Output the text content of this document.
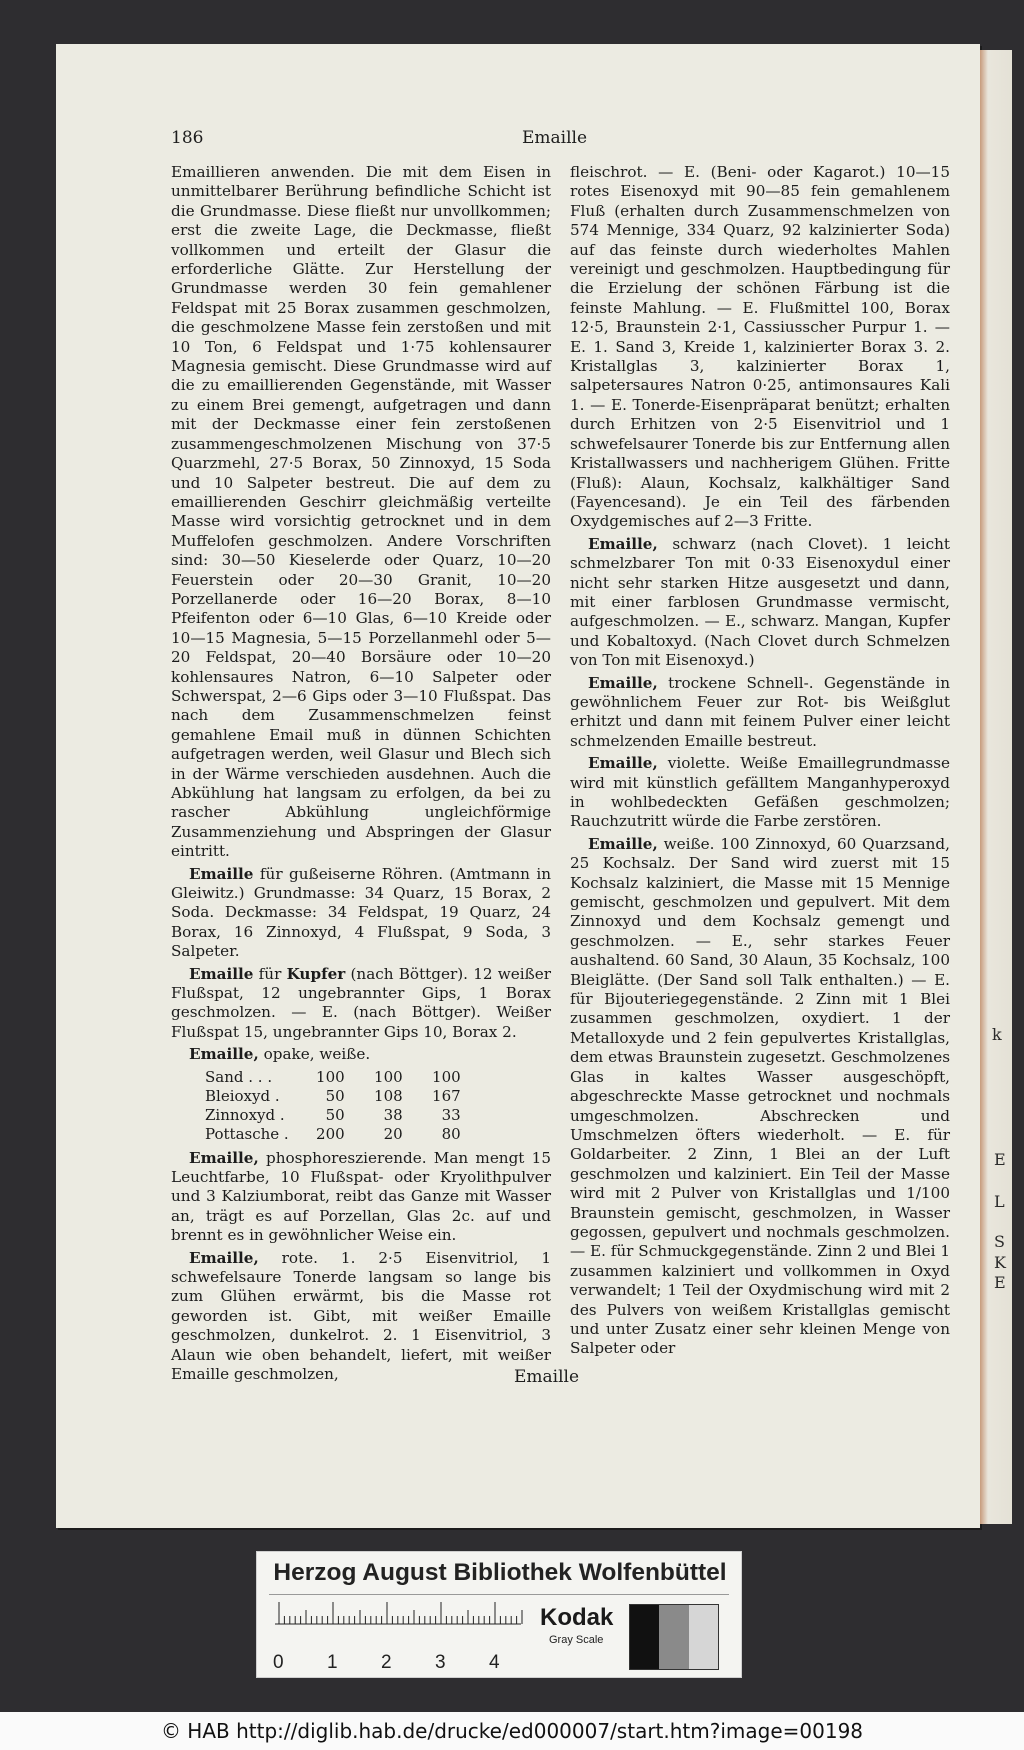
k
E
L
S
K
E
186	Emaille

Emaillieren anwenden. Die mit dem Eisen in unmittelbarer Berührung befindliche Schicht ist die Grundmasse. Diese fließt nur unvollkommen; erst die zweite Lage, die Deckmasse, fließt vollkommen und erteilt der Glasur die erforderliche Glätte. Zur Herstellung der Grundmasse werden 30 fein gemahlener Feldspat mit 25 Borax zusammen geschmolzen, die geschmolzene Masse fein zerstoßen und mit 10 Ton, 6 Feldspat und 1·75 kohlensaurer Magnesia gemischt. Diese Grundmasse wird auf die zu emaillierenden Gegenstände, mit Wasser zu einem Brei gemengt, aufgetragen und dann mit der Deckmasse einer fein zerstoßenen zusammengeschmolzenen Mischung von 37·5 Quarzmehl, 27·5 Borax, 50 Zinnoxyd, 15 Soda und 10 Salpeter bestreut. Die auf dem zu emaillierenden Geschirr gleichmäßig verteilte Masse wird vorsichtig getrocknet und in dem Muffelofen geschmolzen. Andere Vorschriften sind: 30—50 Kieselerde oder Quarz, 10—20 Feuerstein oder 20—30 Granit, 10—20 Porzellanerde oder 16—20 Borax, 8—10 Pfeifenton oder 6—10 Glas, 6—10 Kreide oder 10—15 Magnesia, 5—15 Porzellanmehl oder 5—20 Feldspat, 20—40 Borsäure oder 10—20 kohlensaures Natron, 6—10 Salpeter oder Schwerspat, 2—6 Gips oder 3—10 Flußspat. Das nach dem Zusammenschmelzen feinst gemahlene Email muß in dünnen Schichten aufgetragen werden, weil Glasur und Blech sich in der Wärme verschieden ausdehnen. Auch die Abkühlung hat langsam zu erfolgen, da bei zu rascher Abkühlung ungleichförmige Zusammenziehung und Abspringen der Glasur eintritt.

Emaille für gußeiserne Röhren. (Amtmann in Gleiwitz.) Grundmasse: 34 Quarz, 15 Borax, 2 Soda. Deckmasse: 34 Feldspat, 19 Quarz, 24 Borax, 16 Zinnoxyd, 4 Flußspat, 9 Soda, 3 Salpeter.

Emaille für Kupfer (nach Böttger). 12 weißer Flußspat, 12 ungebrannter Gips, 1 Borax geschmolzen. — E. (nach Böttger). Weißer Flußspat 15, ungebrannter Gips 10, Borax 2.

Emaille, opake, weiße.

Sand . . .	100	100	100
Bleioxyd .	50	108	167
Zinnoxyd .	50	38	33
Pottasche .	200	20	80

Emaille, phosphoreszierende. Man mengt 15 Leuchtfarbe, 10 Flußspat- oder Kryolithpulver und 3 Kalziumborat, reibt das Ganze mit Wasser an, trägt es auf Porzellan, Glas 2c. auf und brennt es in gewöhnlicher Weise ein.

Emaille, rote. 1. 2·5 Eisenvitriol, 1 schwefelsaure Tonerde langsam so lange bis zum Glühen erwärmt, bis die Masse rot geworden ist. Gibt, mit weißer Emaille geschmolzen, dunkelrot. 2. 1 Eisenvitriol, 3 Alaun wie oben behandelt, liefert, mit weißer Emaille geschmolzen,

fleischrot. — E. (Beni- oder Kagarot.) 10—15 rotes Eisenoxyd mit 90—85 fein gemahlenem Fluß (erhalten durch Zusammenschmelzen von 574 Mennige, 334 Quarz, 92 kalzinierter Soda) auf das feinste durch wiederholtes Mahlen vereinigt und geschmolzen. Hauptbedingung für die Erzielung der schönen Färbung ist die feinste Mahlung. — E. Flußmittel 100, Borax 12·5, Braunstein 2·1, Cassiusscher Purpur 1. — E. 1. Sand 3, Kreide 1, kalzinierter Borax 3. 2. Kristallglas 3, kalzinierter Borax 1, salpetersaures Natron 0·25, antimonsaures Kali 1. — E. Tonerde-Eisenpräparat benützt; erhalten durch Erhitzen von 2·5 Eisenvitriol und 1 schwefelsaurer Tonerde bis zur Entfernung allen Kristallwassers und nachherigem Glühen. Fritte (Fluß): Alaun, Kochsalz, kalkhältiger Sand (Fayencesand). Je ein Teil des färbenden Oxydgemisches auf 2—3 Fritte.

Emaille, schwarz (nach Clovet). 1 leicht schmelzbarer Ton mit 0·33 Eisenoxydul einer nicht sehr starken Hitze ausgesetzt und dann, mit einer farblosen Grundmasse vermischt, aufgeschmolzen. — E., schwarz. Mangan, Kupfer und Kobaltoxyd. (Nach Clovet durch Schmelzen von Ton mit Eisenoxyd.)

Emaille, trockene Schnell-. Gegenstände in gewöhnlichem Feuer zur Rot- bis Weißglut erhitzt und dann mit feinem Pulver einer leicht schmelzenden Emaille bestreut.

Emaille, violette. Weiße Emaillegrundmasse wird mit künstlich gefälltem Manganhyperoxyd in wohlbedeckten Gefäßen geschmolzen; Rauchzutritt würde die Farbe zerstören.

Emaille, weiße. 100 Zinnoxyd, 60 Quarzsand, 25 Kochsalz. Der Sand wird zuerst mit 15 Kochsalz kalziniert, die Masse mit 15 Mennige gemischt, geschmolzen und gepulvert. Mit dem Zinnoxyd und dem Kochsalz gemengt und geschmolzen. — E., sehr starkes Feuer aushaltend. 60 Sand, 30 Alaun, 35 Kochsalz, 100 Bleiglätte. (Der Sand soll Talk enthalten.) — E. für Bijouteriegegenstände. 2 Zinn mit 1 Blei zusammen geschmolzen, oxydiert. 1 der Metalloxyde und 2 fein gepulvertes Kristallglas, dem etwas Braunstein zugesetzt. Geschmolzenes Glas in kaltes Wasser ausgeschöpft, abgeschreckte Masse getrocknet und nochmals umgeschmolzen. Abschrecken und Umschmelzen öfters wiederholt. — E. für Goldarbeiter. 2 Zinn, 1 Blei an der Luft geschmolzen und kalziniert. Ein Teil der Masse wird mit 2 Pulver von Kristallglas und 1/100 Braunstein gemischt, geschmolzen, in Wasser gegossen, gepulvert und nochmals geschmolzen. — E. für Schmuckgegenstände. Zinn 2 und Blei 1 zusammen kalziniert und vollkommen in Oxyd verwandelt; 1 Teil der Oxydmischung wird mit 2 des Pulvers von weißem Kristallglas gemischt und unter Zusatz einer sehr kleinen Menge von Salpeter oder

Emaille
Herzog August Bibliothek Wolfenbüttel
0 1 2 3 4
Kodak
Gray Scale
© HAB http://diglib.hab.de/drucke/ed000007/start.htm?image=00198
